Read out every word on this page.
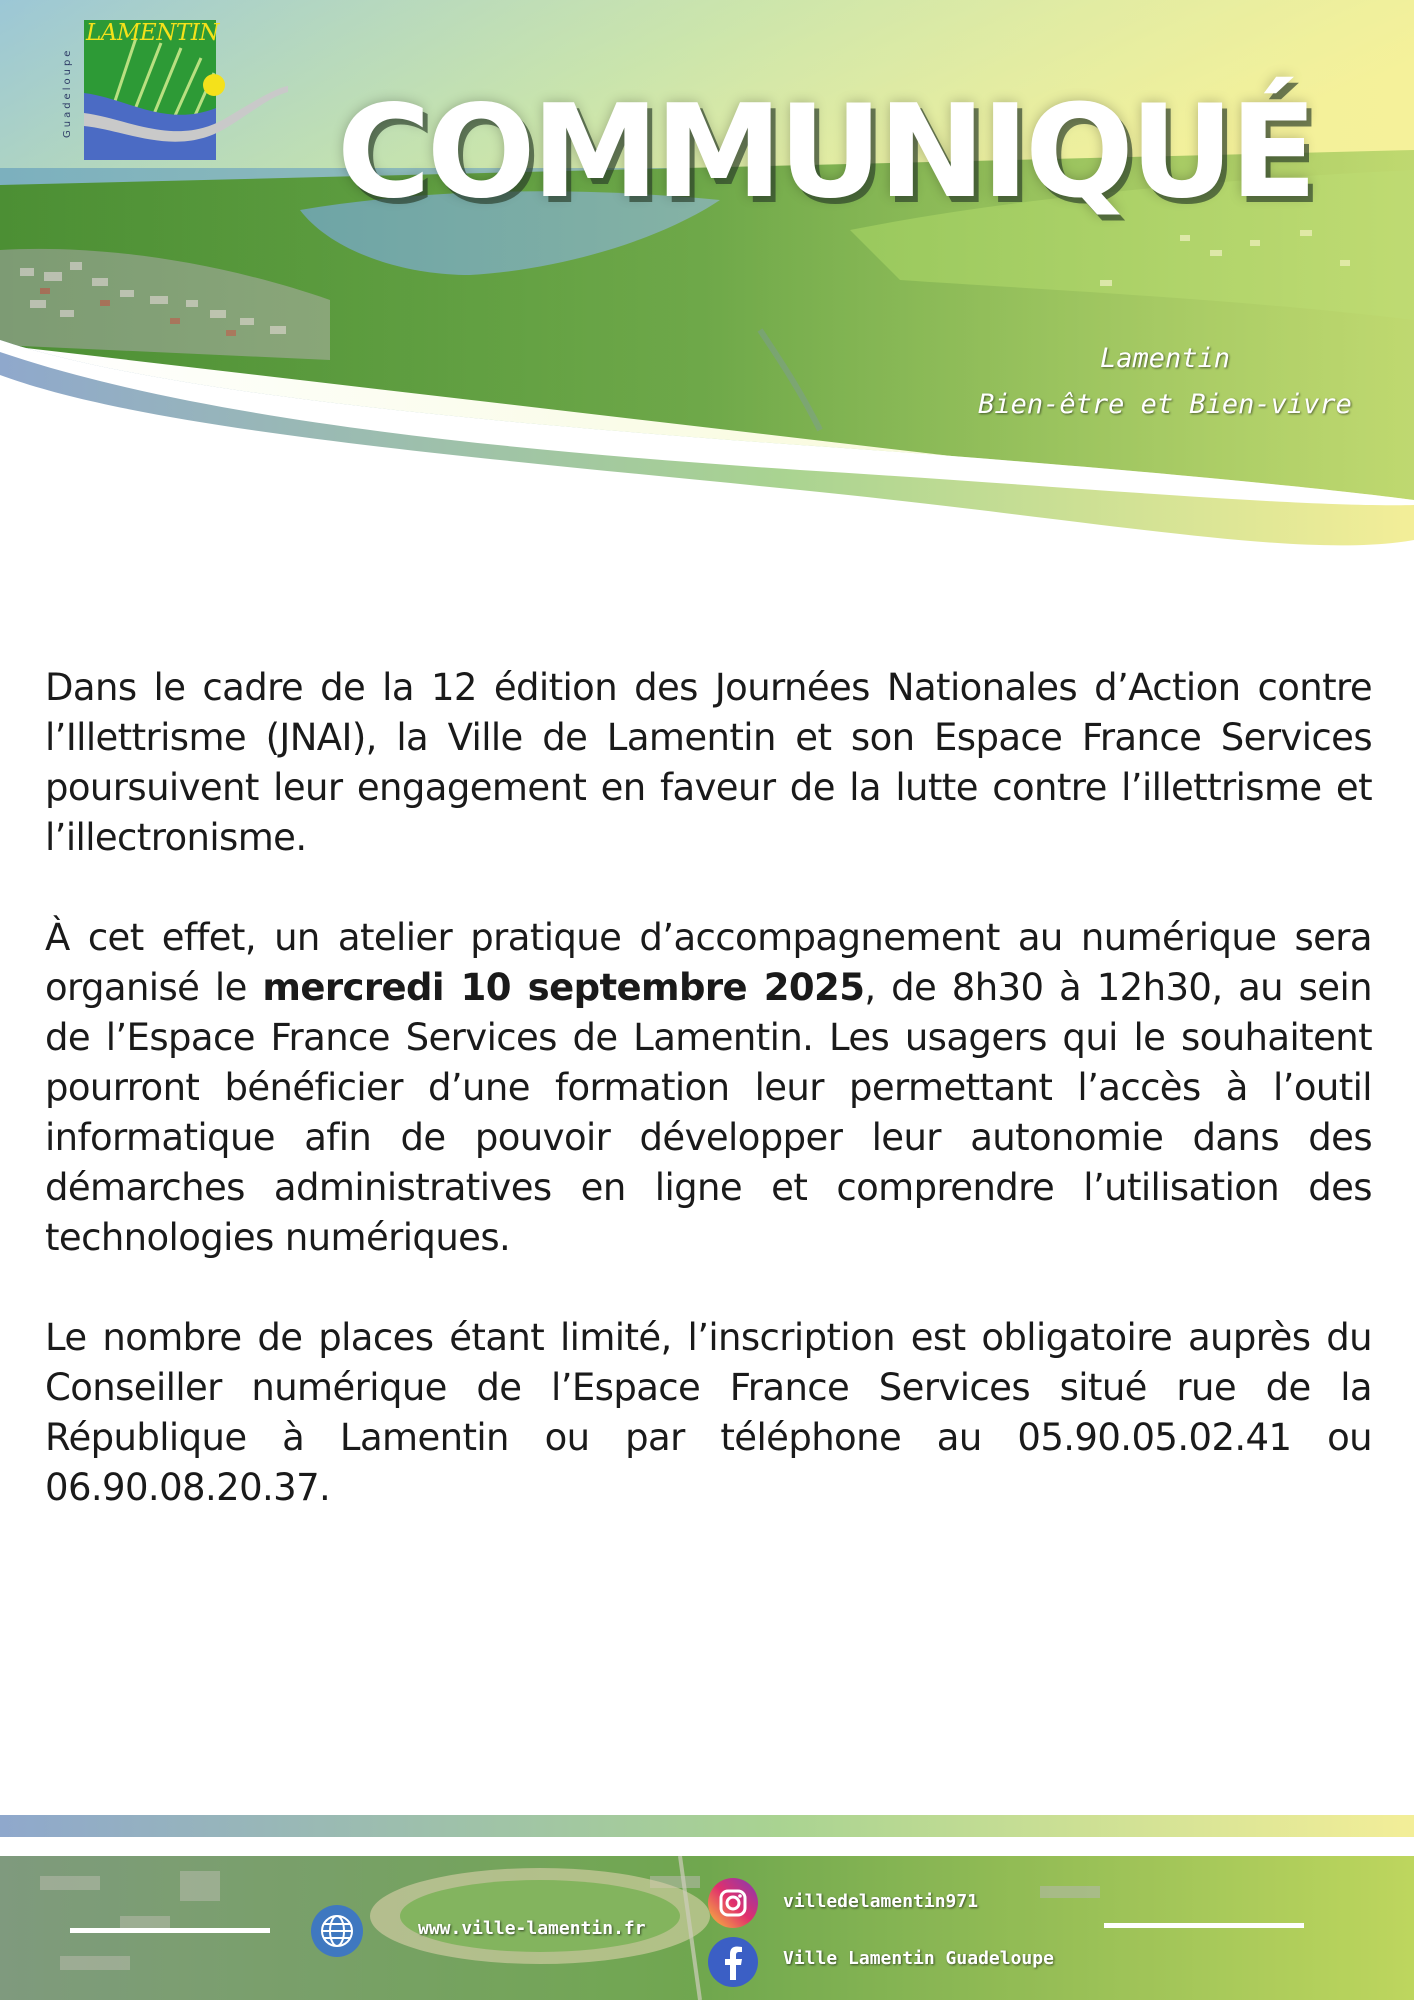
Guadeloupe
LAMENTIN
COMMUNIQUÉ
Lamentin
Bien-être et Bien-vivre

Dans le cadre de la 12 édition des Journées Nationales d’Action contre l’Illettrisme (JNAI), la Ville de Lamentin et son Espace France Services poursuivent leur engagement en faveur de la lutte contre l’illettrisme et l’illectronisme.

À cet effet, un atelier pratique d’accompagnement au numérique sera organisé le mercredi 10 septembre 2025, de 8h30 à 12h30, au sein de l’Espace France Services de Lamentin. Les usagers qui le souhaitent pourront bénéficier d’une formation leur permettant l’accès à l’outil informatique afin de pouvoir développer leur autonomie dans des démarches administratives en ligne et comprendre l’utilisation des technologies numériques.

Le nombre de places étant limité, l’inscription est obligatoire auprès du Conseiller numérique de l’Espace France Services situé rue de la République à Lamentin ou par téléphone au 05.90.05.02.41 ou 06.90.08.20.37.

www.ville-lamentin.fr
villedelamentin971
Ville Lamentin Guadeloupe
